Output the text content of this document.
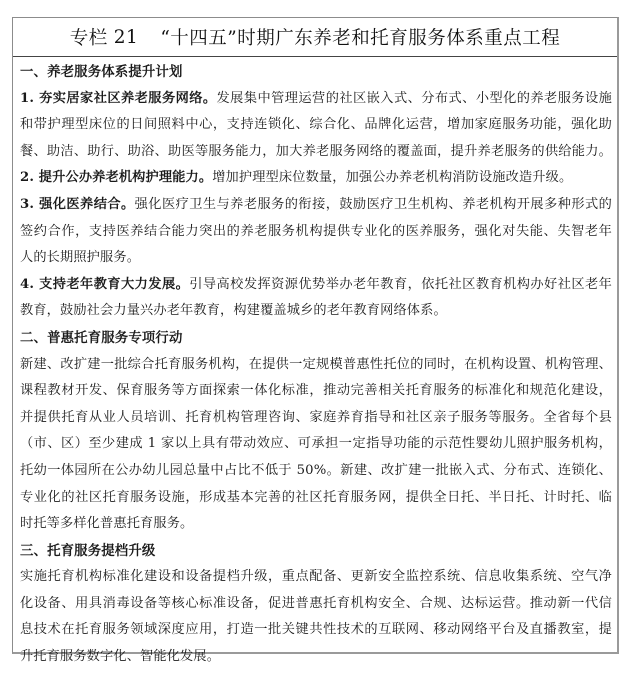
专栏 21 “十四五”时期广东养老和托育服务体系重点工程
一、养老服务体系提升计划
1. 夯实居家社区养老服务网络。发展集中管理运营的社区嵌入式、分布式、小型化的养老服务设施
和带护理型床位的日间照料中心，支持连锁化、综合化、品牌化运营，增加家庭服务功能，强化助
餐、助洁、助行、助浴、助医等服务能力，加大养老服务网络的覆盖面，提升养老服务的供给能力。
2. 提升公办养老机构护理能力。增加护理型床位数量，加强公办养老机构消防设施改造升级。
3. 强化医养结合。强化医疗卫生与养老服务的衔接，鼓励医疗卫生机构、养老机构开展多种形式的
签约合作，支持医养结合能力突出的养老服务机构提供专业化的医养服务，强化对失能、失智老年
人的长期照护服务。
4. 支持老年教育大力发展。引导高校发挥资源优势举办老年教育，依托社区教育机构办好社区老年
教育，鼓励社会力量兴办老年教育，构建覆盖城乡的老年教育网络体系。
二、普惠托育服务专项行动
新建、改扩建一批综合托育服务机构，在提供一定规模普惠性托位的同时，在机构设置、机构管理、
课程教材开发、保育服务等方面探索一体化标准，推动完善相关托育服务的标准化和规范化建设，
并提供托育从业人员培训、托育机构管理咨询、家庭养育指导和社区亲子服务等服务。全省每个县
（市、区）至少建成 1 家以上具有带动效应、可承担一定指导功能的示范性婴幼儿照护服务机构，
托幼一体园所在公办幼儿园总量中占比不低于 50%。新建、改扩建一批嵌入式、分布式、连锁化、
专业化的社区托育服务设施，形成基本完善的社区托育服务网，提供全日托、半日托、计时托、临
时托等多样化普惠托育服务。
三、托育服务提档升级
实施托育机构标准化建设和设备提档升级，重点配备、更新安全监控系统、信息收集系统、空气净
化设备、用具消毒设备等核心标准设备，促进普惠托育机构安全、合规、达标运营。推动新一代信
息技术在托育服务领域深度应用，打造一批关键共性技术的互联网、移动网络平台及直播教室，提
升托育服务数字化、智能化发展。
